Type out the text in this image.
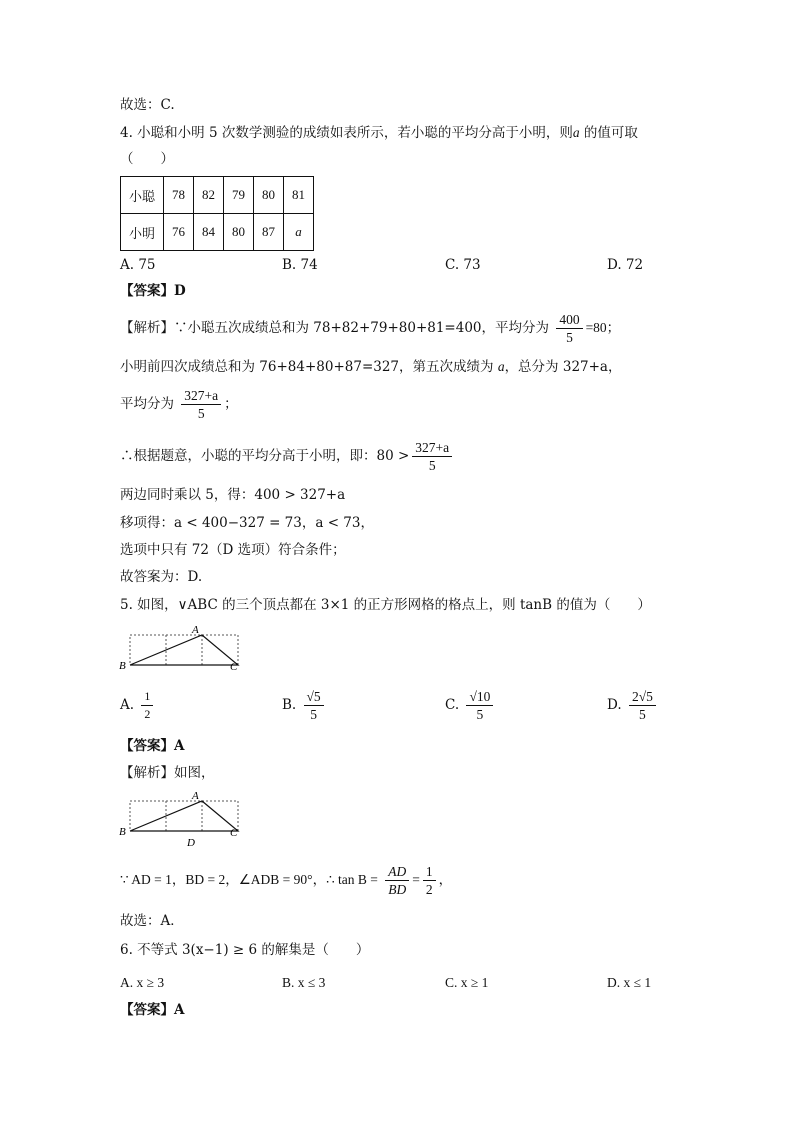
故选：C.
4. 小聪和小明 5 次数学测验的成绩如表所示，若小聪的平均分高于小明，则a 的值可取
（　　）
小聪	78	82	79	80	81
小明	76	84	80	87	a
A. 75	B. 74	C. 73	D. 72
【答案】D
【解析】∵小聪五次成绩总和为 78+82+79+80+81=400，平均分为 $\frac{400}{5} =80$；
小明前四次成绩总和为 76+84+80+87=327，第五次成绩为 a，总分为 327+a，
平均分为 $\frac{327+a}{5}$ ；
∴根据题意，小聪的平均分高于小明，即：$80 > \frac{327+a}{5}$
两边同时乘以 5，得：400 > 327+a
移项得：a < 400−327 = 73，a < 73，
选项中只有 72（D 选项）符合条件；
故答案为：D.
5. 如图，∨ABC 的三个顶点都在 3×1 的正方形网格的格点上，则 tanB 的值为（　　）
A
B	C
A. $\frac{1}{2}$	B. $\frac{√5}{5}$	C. $\frac{√10}{5}$	D. $\frac{2√5}{5}$
【答案】A
【解析】如图，
A
B	C
D
∵ AD = 1，BD = 2，∠ADB = 90°，∴ $\tan B = \frac{AD}{BD} = \frac{1}{2}$ ，
故选：A．
6. 不等式 3(x−1) ≥ 6 的解集是（　　）
A. x ≥ 3	B. x ≤ 3	C. x ≥ 1	D. x ≤ 1
【答案】A
